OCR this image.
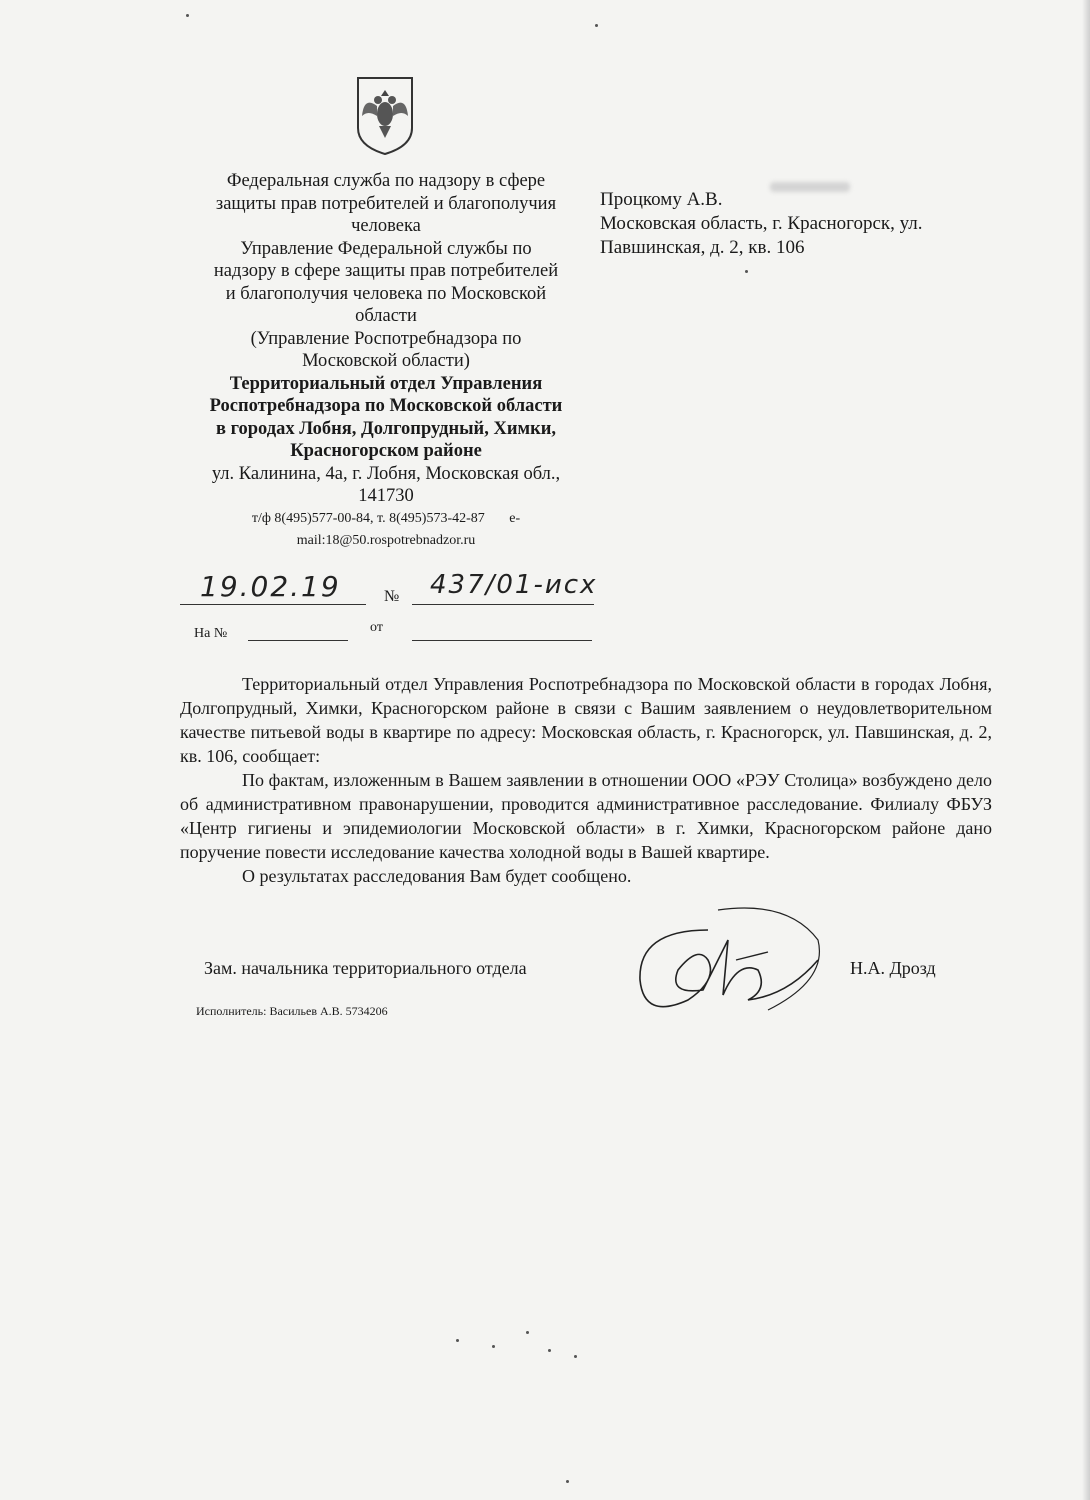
Федеральная служба по надзору в сфере
защиты прав потребителей и благополучия
человека
Управление Федеральной службы по
надзору в сфере защиты прав потребителей
и благополучия человека по Московской
области
(Управление Роспотребнадзора по
Московской области)
Территориальный отдел Управления
Роспотребнадзора по Московской области
в городах Лобня, Долгопрудный, Химки,
Красногорском районе
ул. Калинина, 4а, г. Лобня, Московская обл.,
141730
т/ф 8(495)577-00-84, т. 8(495)573-42-87       e-
mail:18@50.rospotrebnadzor.ru
Процкому А.В.
Московская область, г. Красногорск, ул.
Павшинская, д. 2, кв. 106
19.02.19	№ 437/01-исх
На №	от

Территориальный отдел Управления Роспотребнадзора по Московской области в городах Лобня, Долгопрудный, Химки, Красногорском районе в связи с Вашим заявлением о неудовлетворительном качестве питьевой воды в квартире по адресу: Московская область, г. Красногорск, ул. Павшинская, д. 2, кв. 106, сообщает:

По фактам, изложенным в Вашем заявлении в отношении ООО «РЭУ Столица» возбуждено дело об административном правонарушении, проводится административное расследование. Филиалу ФБУЗ «Центр гигиены и эпидемиологии Московской области» в г. Химки, Красногорском районе дано поручение повести исследование качества холодной воды в Вашей квартире.

О результатах расследования Вам будет сообщено.

Зам. начальника территориального отдела	Н.А. Дрозд
Исполнитель: Васильев А.В. 5734206
